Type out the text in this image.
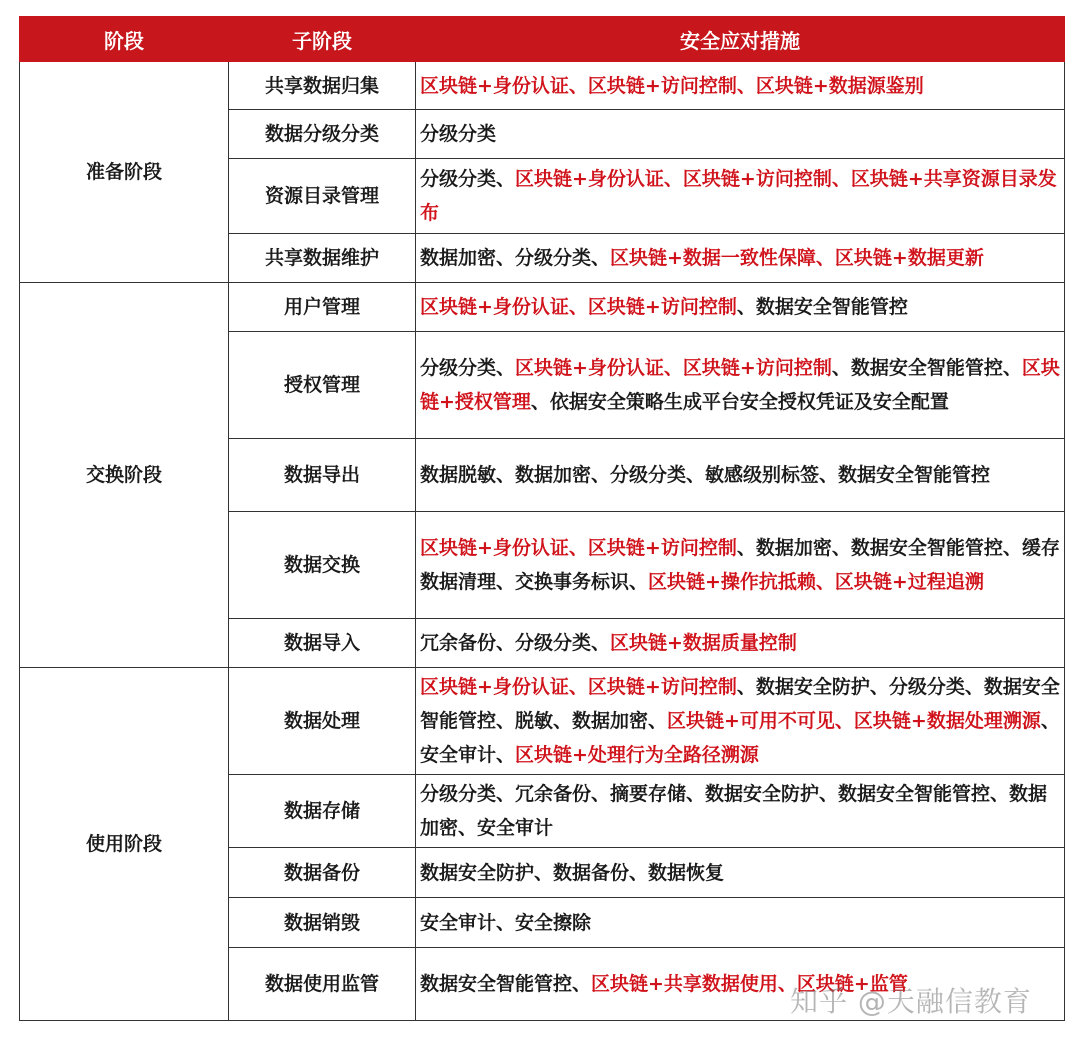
阶段	子阶段	安全应对措施
准备阶段	共享数据归集	区块链+身份认证、区块链+访问控制、区块链+数据源鉴别
	数据分级分类	分级分类
	资源目录管理	分级分类、区块链+身份认证、区块链+访问控制、区块链+共享资源目录发布
	共享数据维护	数据加密、分级分类、区块链+数据一致性保障、区块链+数据更新
交换阶段	用户管理	区块链+身份认证、区块链+访问控制、数据安全智能管控
	授权管理	分级分类、区块链+身份认证、区块链+访问控制、数据安全智能管控、区块链+授权管理、依据安全策略生成平台安全授权凭证及安全配置
	数据导出	数据脱敏、数据加密、分级分类、敏感级别标签、数据安全智能管控
	数据交换	区块链+身份认证、区块链+访问控制、数据加密、数据安全智能管控、缓存数据清理、交换事务标识、区块链+操作抗抵赖、区块链+过程追溯
	数据导入	冗余备份、分级分类、区块链+数据质量控制
使用阶段	数据处理	区块链+身份认证、区块链+访问控制、数据安全防护、分级分类、数据安全智能管控、脱敏、数据加密、区块链+可用不可见、区块链+数据处理溯源、安全审计、区块链+处理行为全路径溯源
	数据存储	分级分类、冗余备份、摘要存储、数据安全防护、数据安全智能管控、数据加密、安全审计
	数据备份	数据安全防护、数据备份、数据恢复
	数据销毁	安全审计、安全擦除
	数据使用监管	数据安全智能管控、区块链+共享数据使用、区块链+监管
知乎 @天融信教育
